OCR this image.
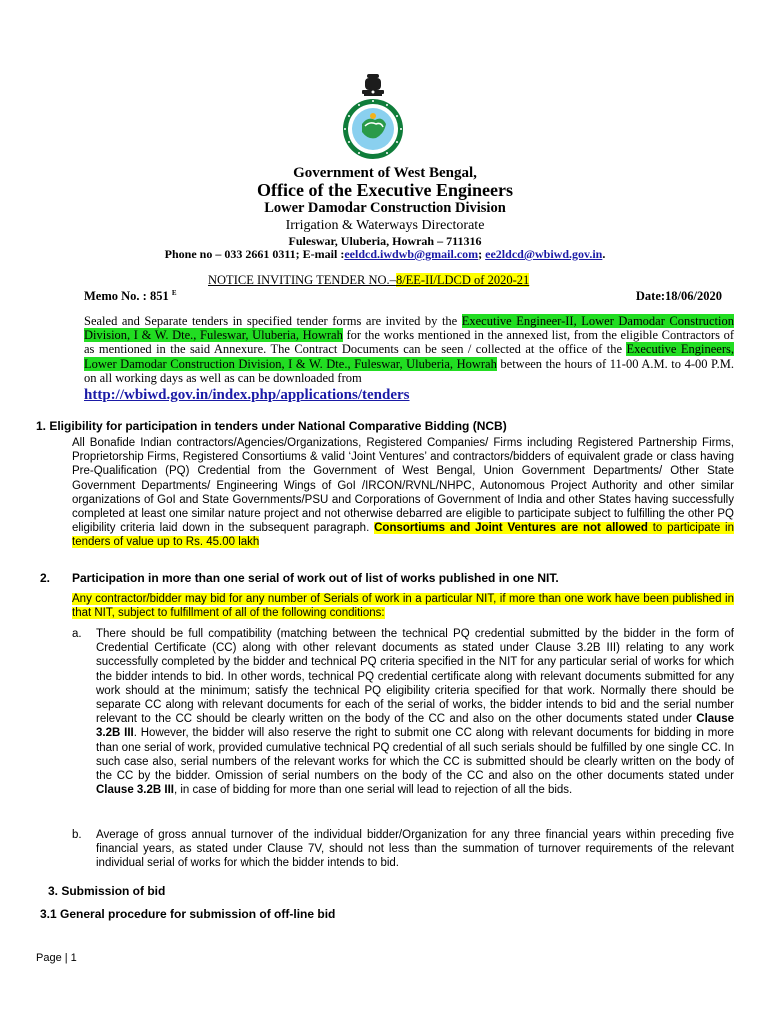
Government of West Bengal,
Office of the Executive Engineers
Lower Damodar Construction Division
Irrigation & Waterways Directorate
Fuleswar, Uluberia, Howrah – 711316
Phone no – 033 2661 0311; E-mail :eeldcd.iwdwb@gmail.com; ee2ldcd@wbiwd.gov.in.
NOTICE INVITING TENDER NO.–8/EE-II/LDCD of 2020-21
Memo No. : 851 $^E$	Date:18/06/2020
Sealed and Separate tenders in specified tender forms are invited by the Executive Engineer-II, Lower Damodar Construction Division, I & W. Dte., Fuleswar, Uluberia, Howrah for the works mentioned in the annexed list, from the eligible Contractors of as mentioned in the said Annexure. The Contract Documents can be seen / collected at the office of the Executive Engineers, Lower Damodar Construction Division, I & W. Dte., Fuleswar, Uluberia, Howrah between the hours of 11-00 A.M. to 4-00 P.M. on all working days as well as can be downloaded from
http://wbiwd.gov.in/index.php/applications/tenders
1. Eligibility for participation in tenders under National Comparative Bidding (NCB)
All Bonafide Indian contractors/Agencies/Organizations, Registered Companies/ Firms including Registered Partnership Firms, Proprietorship Firms, Registered Consortiums & valid ‘Joint Ventures’ and contractors/bidders of equivalent grade or class having Pre-Qualification (PQ) Credential from the Government of West Bengal, Union Government Departments/ Other State Government Departments/ Engineering Wings of GoI /IRCON/RVNL/NHPC, Autonomous Project Authority and other similar organizations of GoI and State Governments/PSU and Corporations of Government of India and other States having successfully completed at least one similar nature project and not otherwise debarred are eligible to participate subject to fulfilling the other PQ eligibility criteria laid down in the subsequent paragraph. Consortiums and Joint Ventures are not allowed to participate in tenders of value up to Rs. 45.00 lakh
2. Participation in more than one serial of work out of list of works published in one NIT.
Any contractor/bidder may bid for any number of Serials of work in a particular NIT, if more than one work have been published in that NIT, subject to fulfillment of all of the following conditions:
a.	There should be full compatibility (matching between the technical PQ credential submitted by the bidder in the form of Credential Certificate (CC) along with other relevant documents as stated under Clause 3.2B III) relating to any work successfully completed by the bidder and technical PQ criteria specified in the NIT for any particular serial of works for which the bidder intends to bid. In other words, technical PQ credential certificate along with relevant documents submitted for any work should at the minimum; satisfy the technical PQ eligibility criteria specified for that work. Normally there should be separate CC along with relevant documents for each of the serial of works, the bidder intends to bid and the serial number relevant to the CC should be clearly written on the body of the CC and also on the other documents stated under Clause 3.2B III. However, the bidder will also reserve the right to submit one CC along with relevant documents for bidding in more than one serial of work, provided cumulative technical PQ credential of all such serials should be fulfilled by one single CC. In such case also, serial numbers of the relevant works for which the CC is submitted should be clearly written on the body of the CC by the bidder. Omission of serial numbers on the body of the CC and also on the other documents stated under Clause 3.2B III, in case of bidding for more than one serial will lead to rejection of all the bids.
b.	Average of gross annual turnover of the individual bidder/Organization for any three financial years within preceding five financial years, as stated under Clause 7V, should not less than the summation of turnover requirements of the relevant individual serial of works for which the bidder intends to bid.
3. Submission of bid
3.1 General procedure for submission of off-line bid
Page | 1
